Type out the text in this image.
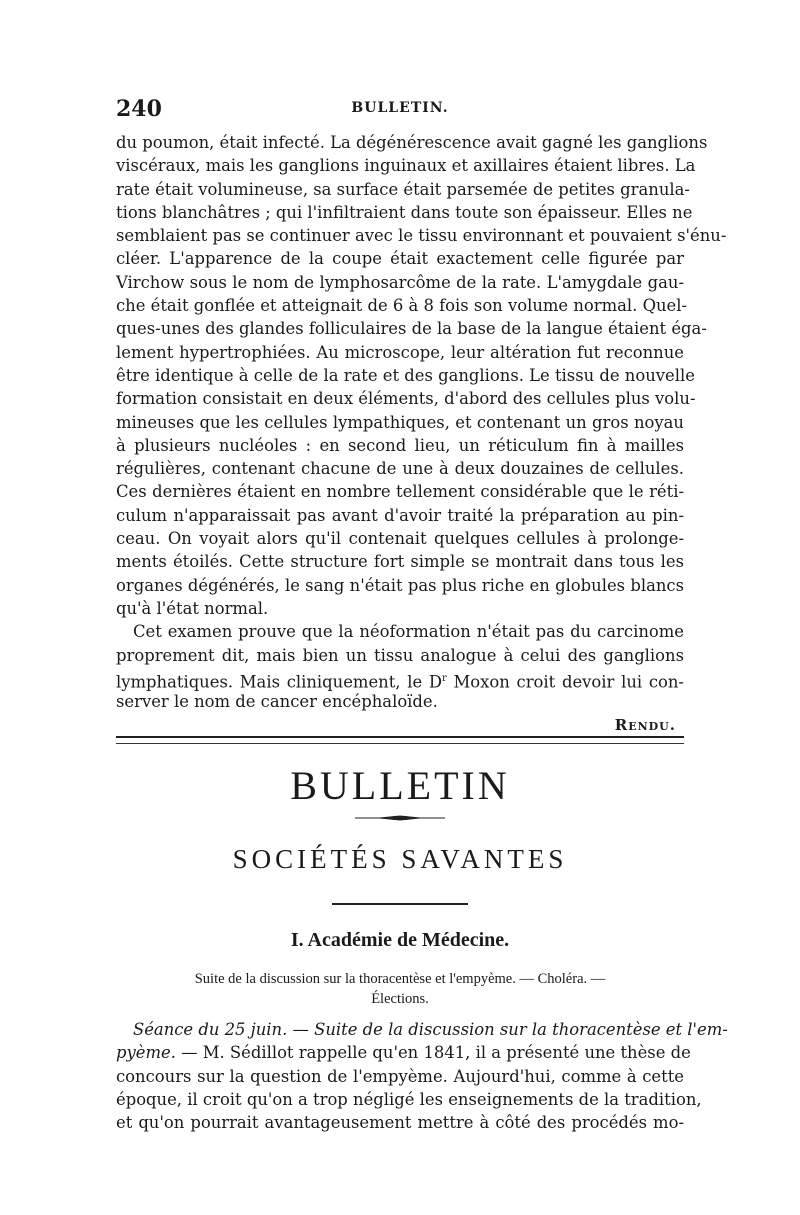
240	BULLETIN.
du poumon, était infecté. La dégénérescence avait gagné les ganglions
viscéraux, mais les ganglions inguinaux et axillaires étaient libres. La
rate était volumineuse, sa surface était parsemée de petites granula-
tions blanchâtres ; qui l'infiltraient dans toute son épaisseur. Elles ne
semblaient pas se continuer avec le tissu environnant et pouvaient s'énu-
cléer. L'apparence de la coupe était exactement celle figurée par
Virchow sous le nom de lymphosarcôme de la rate. L'amygdale gau-
che était gonflée et atteignait de 6 à 8 fois son volume normal. Quel-
ques-unes des glandes folliculaires de la base de la langue étaient éga-
lement hypertrophiées. Au microscope, leur altération fut reconnue
être identique à celle de la rate et des ganglions. Le tissu de nouvelle
formation consistait en deux éléments, d'abord des cellules plus volu-
mineuses que les cellules lympathiques, et contenant un gros noyau
à plusieurs nucléoles : en second lieu, un réticulum fin à mailles
régulières, contenant chacune de une à deux douzaines de cellules.
Ces dernières étaient en nombre tellement considérable que le réti-
culum n'apparaissait pas avant d'avoir traité la préparation au pin-
ceau. On voyait alors qu'il contenait quelques cellules à prolonge-
ments étoilés. Cette structure fort simple se montrait dans tous les
organes dégénérés, le sang n'était pas plus riche en globules blancs
qu'à l'état normal.
Cet examen prouve que la néoformation n'était pas du carcinome
proprement dit, mais bien un tissu analogue à celui des ganglions
lymphatiques. Mais cliniquement, le $D^r$ Moxon croit devoir lui con-
server le nom de cancer encéphaloïde.
Rendu.
BULLETIN
SOCIÉTÉS SAVANTES
I. Académie de Médecine.
Suite de la discussion sur la thoracentèse et l'empyème. — Choléra. —
Élections.
Séance du 25 juin. — Suite de la discussion sur la thoracentèse et l'em-
pyème. — M. Sédillot rappelle qu'en 1841, il a présenté une thèse de
concours sur la question de l'empyème. Aujourd'hui, comme à cette
époque, il croit qu'on a trop négligé les enseignements de la tradition,
et qu'on pourrait avantageusement mettre à côté des procédés mo-
